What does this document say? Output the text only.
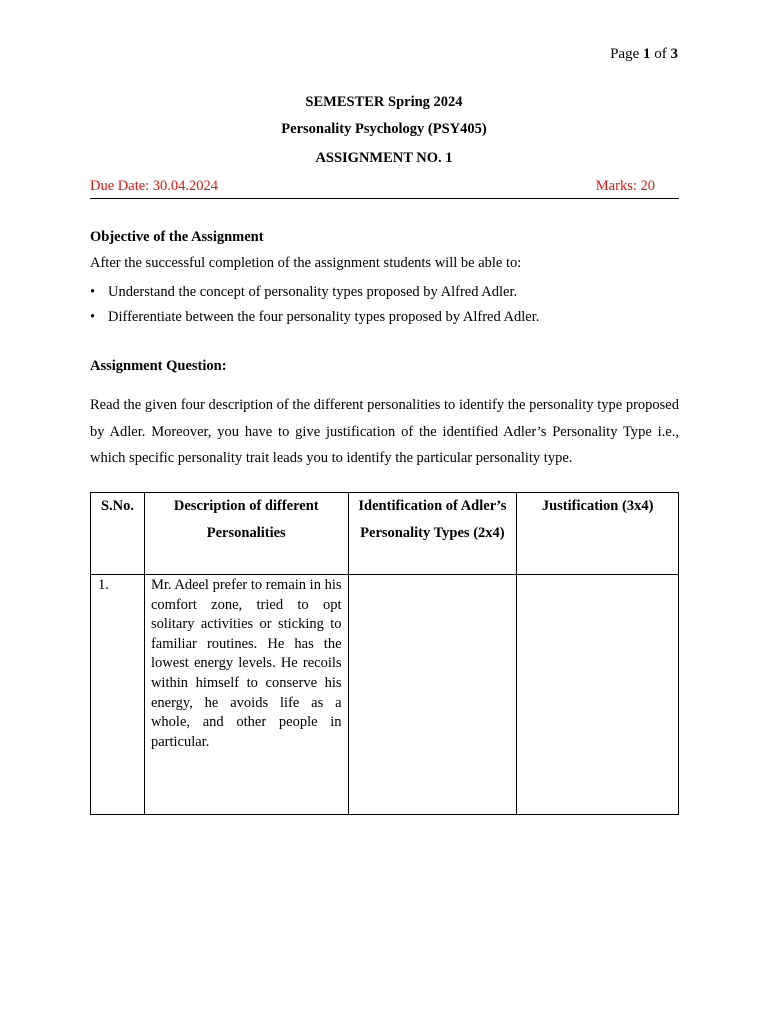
Page 1 of 3
SEMESTER Spring 2024
Personality Psychology (PSY405)
ASSIGNMENT NO. 1
Due Date: 30.04.2024	Marks: 20
Objective of the Assignment
After the successful completion of the assignment students will be able to:
• Understand the concept of personality types proposed by Alfred Adler.
• Differentiate between the four personality types proposed by Alfred Adler.
Assignment Question:
Read the given four description of the different personalities to identify the personality type proposed by Adler. Moreover, you have to give justification of the identified Adler’s Personality Type i.e., which specific personality trait leads you to identify the particular personality type.
S.No.	Description of different Personalities	Identification of Adler’s Personality Types (2x4)	Justification (3x4)
1.	Mr. Adeel prefer to remain in his comfort zone, tried to opt solitary activities or sticking to familiar routines. He has the lowest energy levels. He recoils within himself to conserve his energy, he avoids life as a whole, and other people in particular.		
